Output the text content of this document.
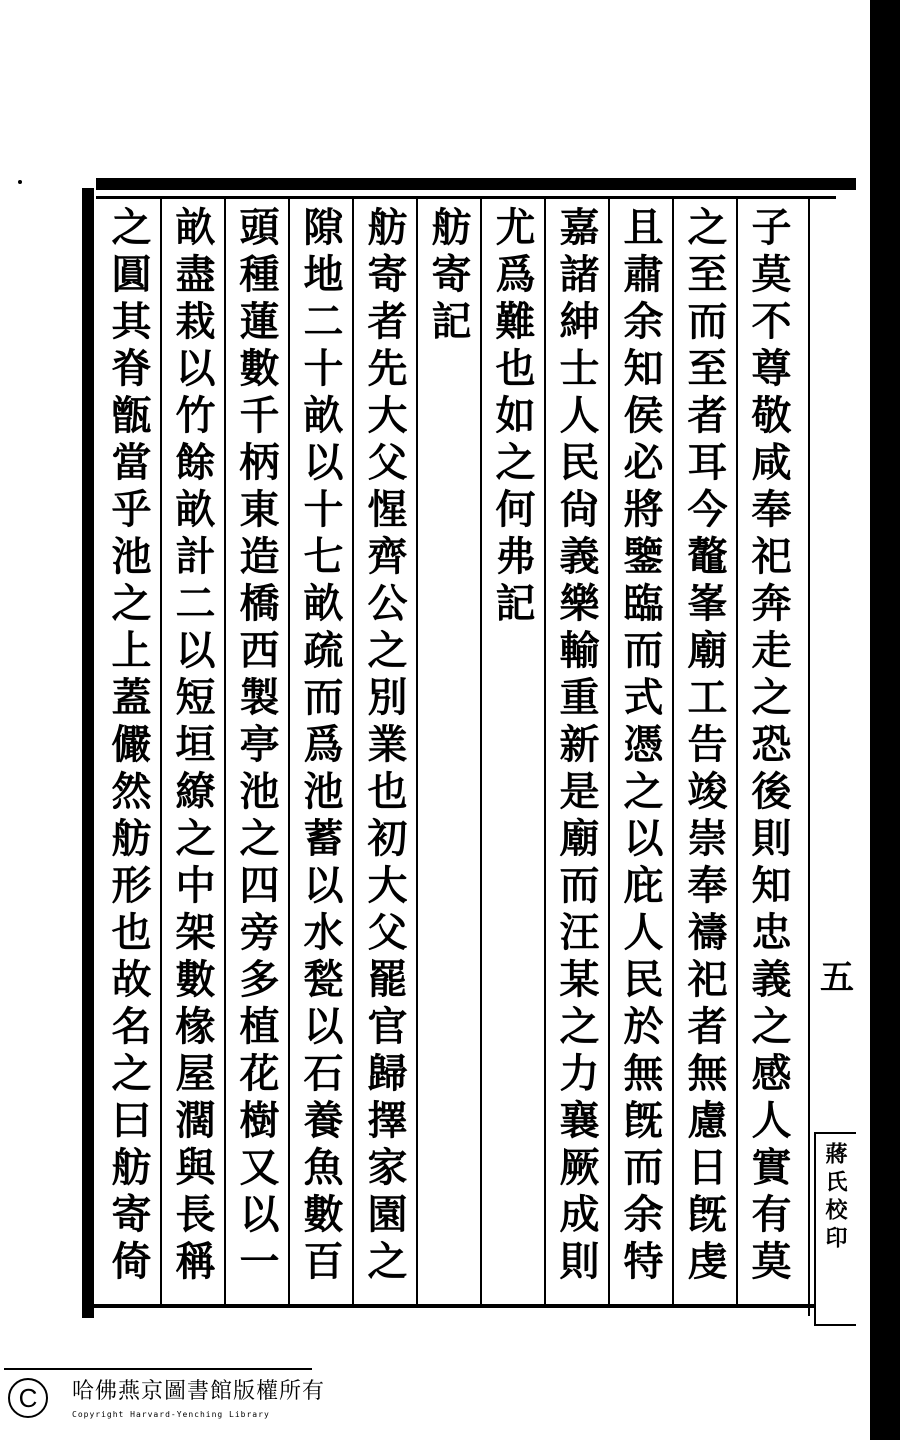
子莫不尊敬咸奉祀奔走之恐後則知忠義之感人實有莫
之至而至者耳今鼇峯廟工告竣崇奉禱祀者無慮日旣虔
且肅余知侯必將鑒臨而式憑之以庇人民於無旣而余特
嘉諸紳士人民尙義樂輸重新是廟而汪某之力襄厥成則
尤爲難也如之何弗記
舫寄記
舫寄者先大父惺齊公之別業也初大父罷官歸擇家園之
隙地二十畝以十七畝疏而爲池蓄以水甃以石養魚數百
頭種蓮數千柄東造橋西製亭池之四旁多植花樹又以一
畝盡栽以竹餘畝計二以短垣繚之中架數椽屋濶與長稱
之圓其脊甑當乎池之上蓋儼然舫形也故名之曰舫寄倚	五
蔣氏校印
C	哈佛燕京圖書館版權所有
Copyright Harvard-Yenching Library
